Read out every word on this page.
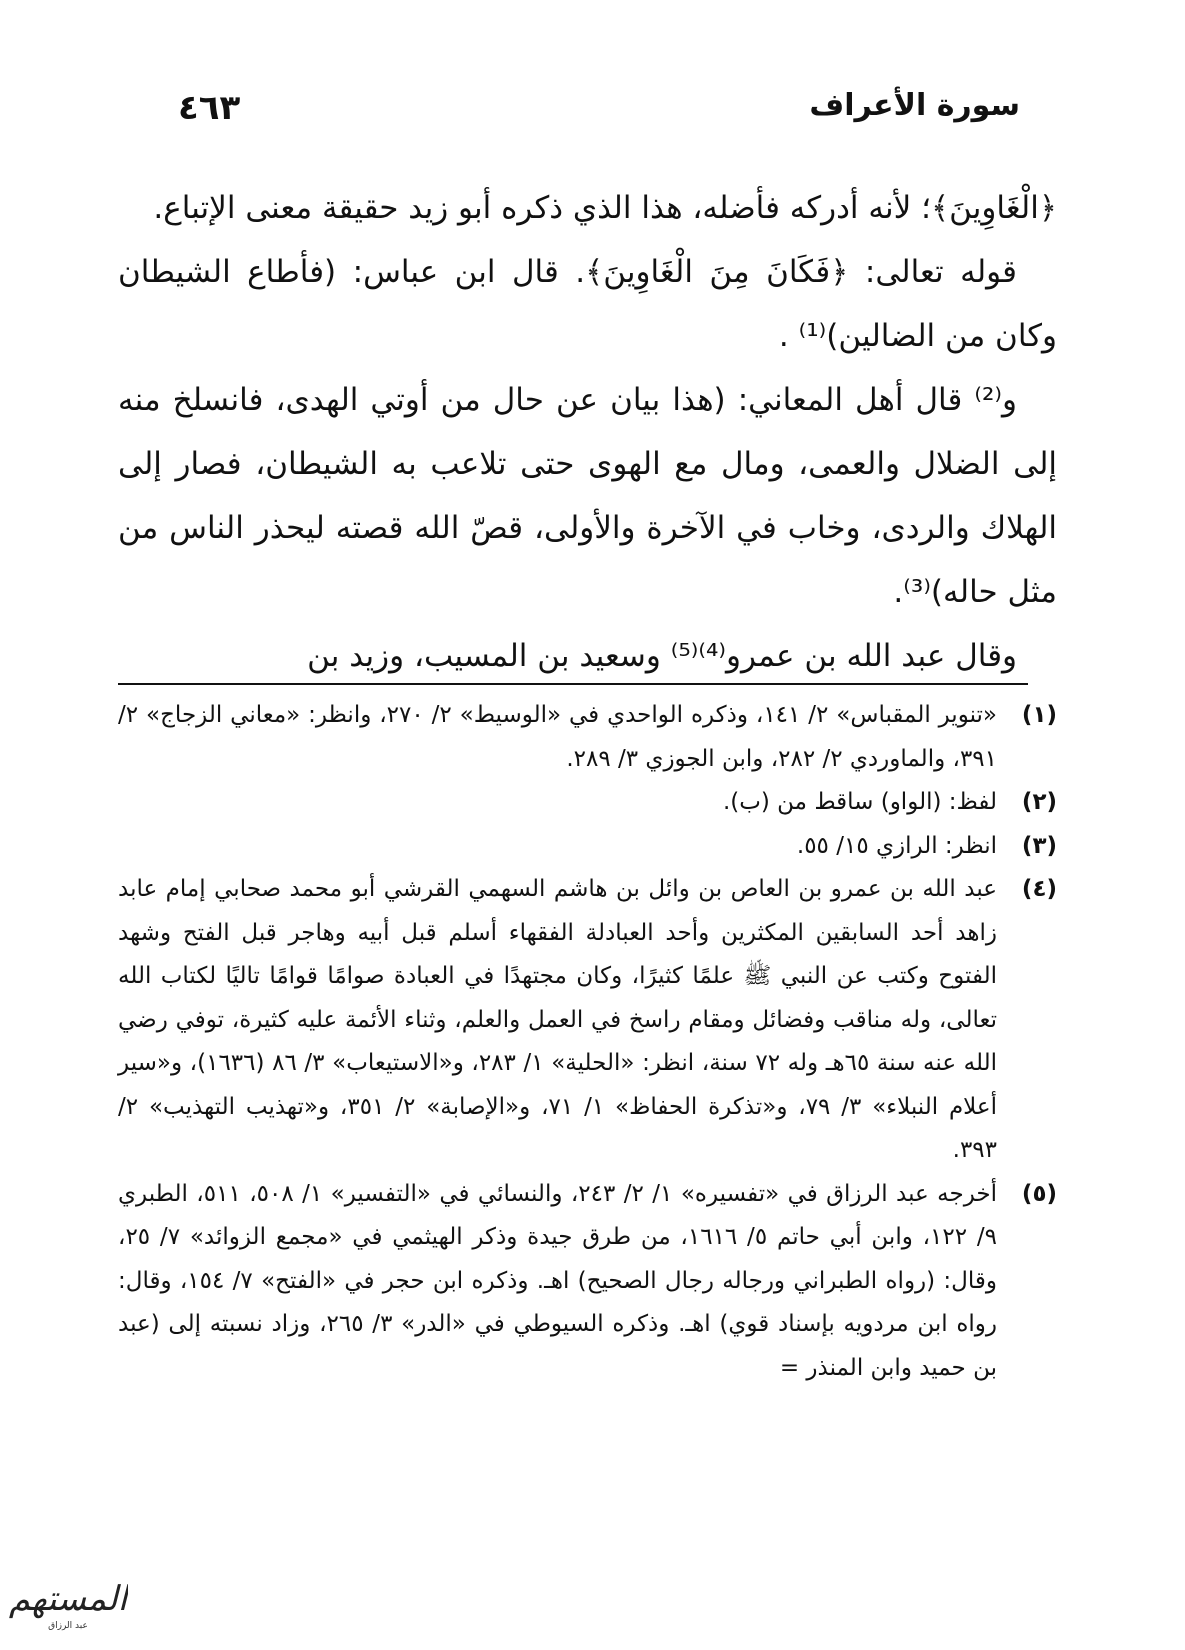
سورة الأعراف
٤٦٣

﴿الْغَاوِينَ﴾؛ لأنه أدركه فأضله، هذا الذي ذكره أبو زيد حقيقة معنى الإتباع.

قوله تعالى: ﴿فَكَانَ مِنَ الْغَاوِينَ﴾. قال ابن عباس: (فأطاع الشيطان وكان من الضالين)⁽¹⁾ .

و⁽²⁾ قال أهل المعاني: (هذا بيان عن حال من أوتي الهدى، فانسلخ منه إلى الضلال والعمى، ومال مع الهوى حتى تلاعب به الشيطان، فصار إلى الهلاك والردى، وخاب في الآخرة والأولى، قصّ الله قصته ليحذر الناس من مثل حاله)⁽³⁾.

وقال عبد الله بن عمرو⁽⁴⁾⁽⁵⁾ وسعيد بن المسيب، وزيد بن

(١)
«تنوير المقباس» ٢/ ١٤١، وذكره الواحدي في «الوسيط» ٢/ ٢٧٠، وانظر: «معاني الزجاج» ٢/ ٣٩١، والماوردي ٢/ ٢٨٢، وابن الجوزي ٣/ ٢٨٩.
(٢)
لفظ: (الواو) ساقط من (ب).
(٣)
انظر: الرازي ١٥/ ٥٥.
(٤)
عبد الله بن عمرو بن العاص بن وائل بن هاشم السهمي القرشي أبو محمد صحابي إمام عابد زاهد أحد السابقين المكثرين وأحد العبادلة الفقهاء أسلم قبل أبيه وهاجر قبل الفتح وشهد الفتوح وكتب عن النبي ﷺ علمًا كثيرًا، وكان مجتهدًا في العبادة صوامًا قوامًا تاليًا لكتاب الله تعالى، وله مناقب وفضائل ومقام راسخ في العمل والعلم، وثناء الأئمة عليه كثيرة، توفي رضي الله عنه سنة ٦٥هـ وله ٧٢ سنة، انظر: «الحلية» ١/ ٢٨٣، و«الاستيعاب» ٣/ ٨٦ (١٦٣٦)، و«سير أعلام النبلاء» ٣/ ٧٩، و«تذكرة الحفاظ» ١/ ٧١، و«الإصابة» ٢/ ٣٥١، و«تهذيب التهذيب» ٢/ ٣٩٣.
(٥)
أخرجه عبد الرزاق في «تفسيره» ١/ ٢/ ٢٤٣، والنسائي في «التفسير» ١/ ٥٠٨، ٥١١، الطبري ٩/ ١٢٢، وابن أبي حاتم ٥/ ١٦١٦، من طرق جيدة وذكر الهيثمي في «مجمع الزوائد» ٧/ ٢٥، وقال: (رواه الطبراني ورجاله رجال الصحيح) اهـ. وذكره ابن حجر في «الفتح» ٧/ ١٥٤، وقال: رواه ابن مردويه بإسناد قوي) اهـ. وذكره السيوطي في «الدر» ٣/ ٢٦٥، وزاد نسبته إلى (عبد بن حميد وابن المنذر =
المستهم
عبد الرزاق
